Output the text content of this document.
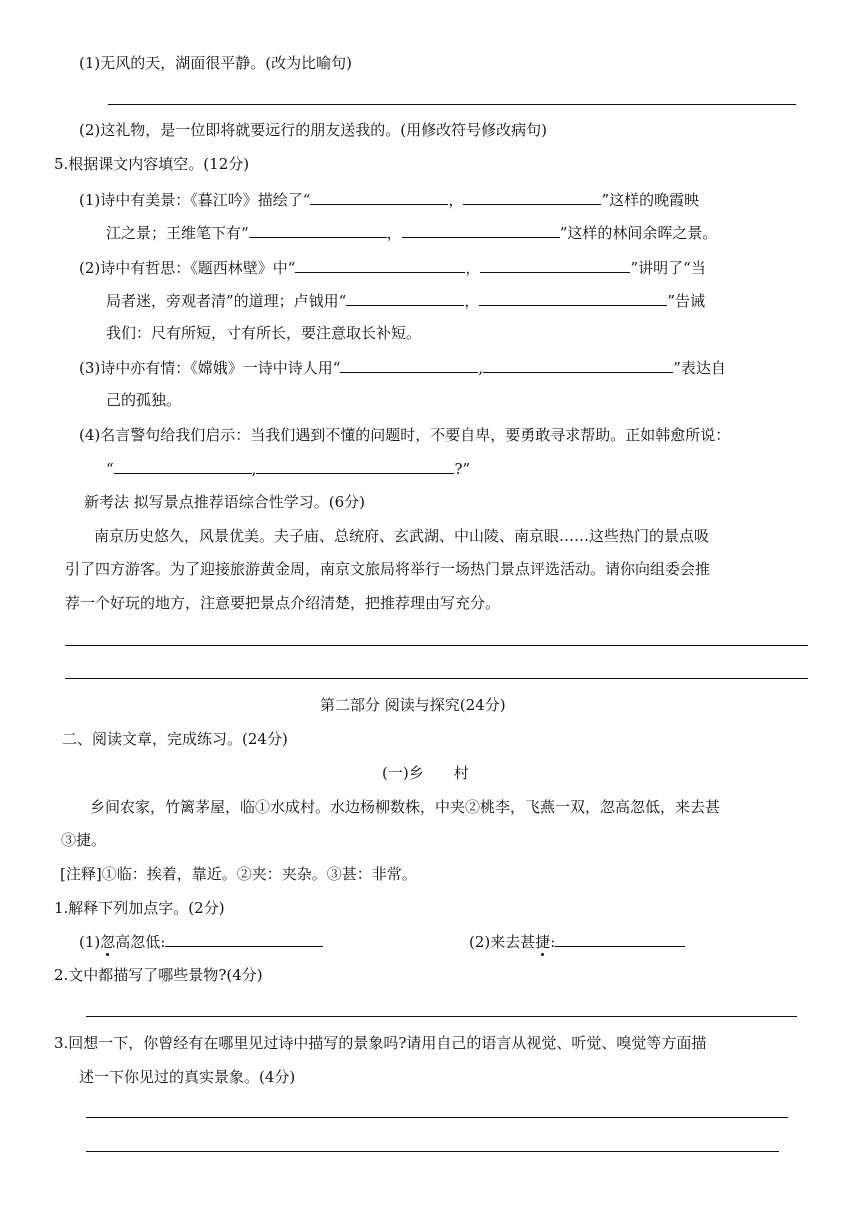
(1)无风的天，湖面很平静。(改为比喻句)
(2)这礼物，是一位即将就要远行的朋友送我的。(用修改符号修改病句)
5.根据课文内容填空。(12分)
(1)诗中有美景：《暮江吟》描绘了“	，	”这样的晚霞映
江之景；王维笔下有“	，	”这样的林间余晖之景。
(2)诗中有哲思：《题西林壁》中“	，	”讲明了“当
局者迷，旁观者清”的道理；卢钺用“	，	”告诫
我们：尺有所短，寸有所长，要注意取长补短。
(3)诗中亦有情：《嫦娥》一诗中诗人用“	,	”表达自
己的孤独。
(4)名言警句给我们启示：当我们遇到不懂的问题时，不要自卑，要勇敢寻求帮助。正如韩愈所说：
“	,	?”
新考法 拟写景点推荐语综合性学习。(6分)
南京历史悠久，风景优美。夫子庙、总统府、玄武湖、中山陵、南京眼……这些热门的景点吸
引了四方游客。为了迎接旅游黄金周，南京文旅局将举行一场热门景点评选活动。请你向组委会推
荐一个好玩的地方，注意要把景点介绍清楚，把推荐理由写充分。
第二部分 阅读与探究(24分)
二、阅读文章，完成练习。(24分)
(一)乡　　村
乡间农家，竹篱茅屋，临①水成村。水边杨柳数株，中夹②桃李，飞燕一双，忽高忽低，来去甚
③捷。
[注释]①临：挨着，靠近。②夹：夹杂。③甚：非常。
1.解释下列加点字。(2分)
(1)忽高忽低:	(2)来去甚捷:
2.文中都描写了哪些景物?(4分)
3.回想一下，你曾经有在哪里见过诗中描写的景象吗?请用自己的语言从视觉、听觉、嗅觉等方面描
述一下你见过的真实景象。(4分)
